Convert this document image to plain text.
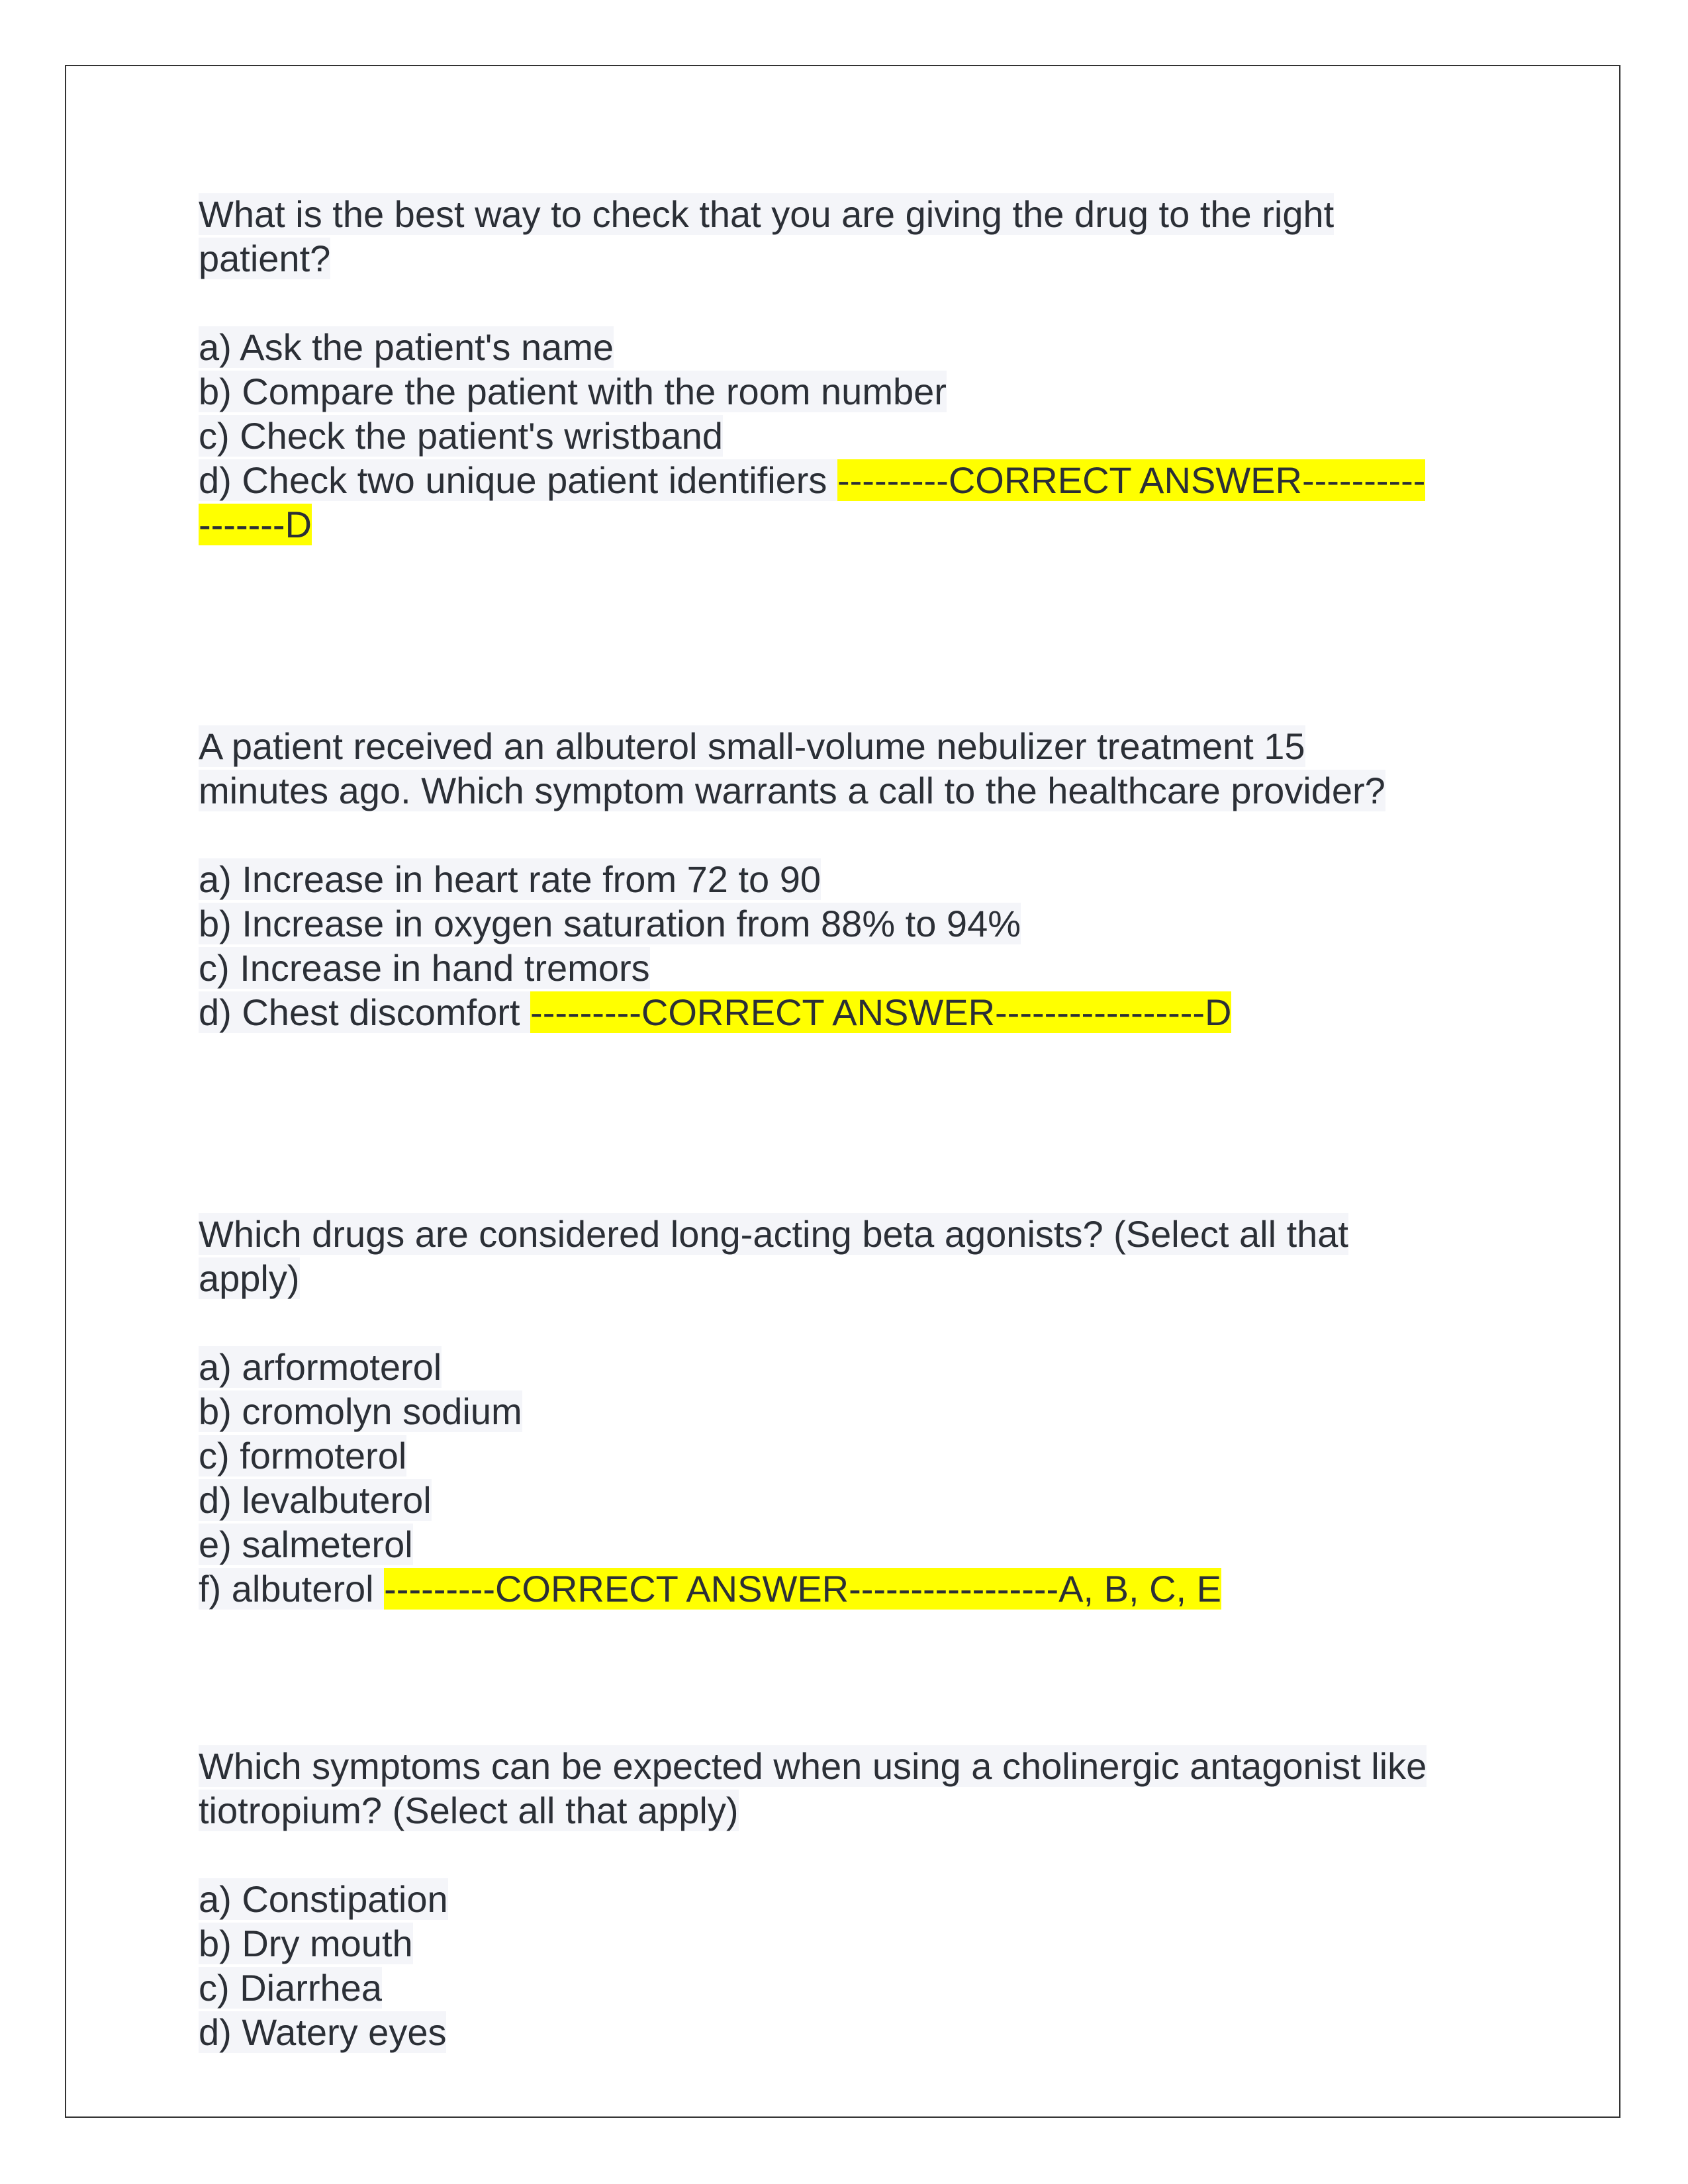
What is the best way to check that you are giving the drug to the right
patient?
a) Ask the patient's name
b) Compare the patient with the room number
c) Check the patient's wristband
d) Check two unique patient identifiers ---------CORRECT ANSWER----------
-------D
A patient received an albuterol small-volume nebulizer treatment 15
minutes ago. Which symptom warrants a call to the healthcare provider?
a) Increase in heart rate from 72 to 90
b) Increase in oxygen saturation from 88% to 94%
c) Increase in hand tremors
d) Chest discomfort ---------CORRECT ANSWER-----------------D
Which drugs are considered long-acting beta agonists? (Select all that
apply)
a) arformoterol
b) cromolyn sodium
c) formoterol
d) levalbuterol
e) salmeterol
f) albuterol ---------CORRECT ANSWER-----------------A, B, C, E
Which symptoms can be expected when using a cholinergic antagonist like
tiotropium? (Select all that apply)
a) Constipation
b) Dry mouth
c) Diarrhea
d) Watery eyes
